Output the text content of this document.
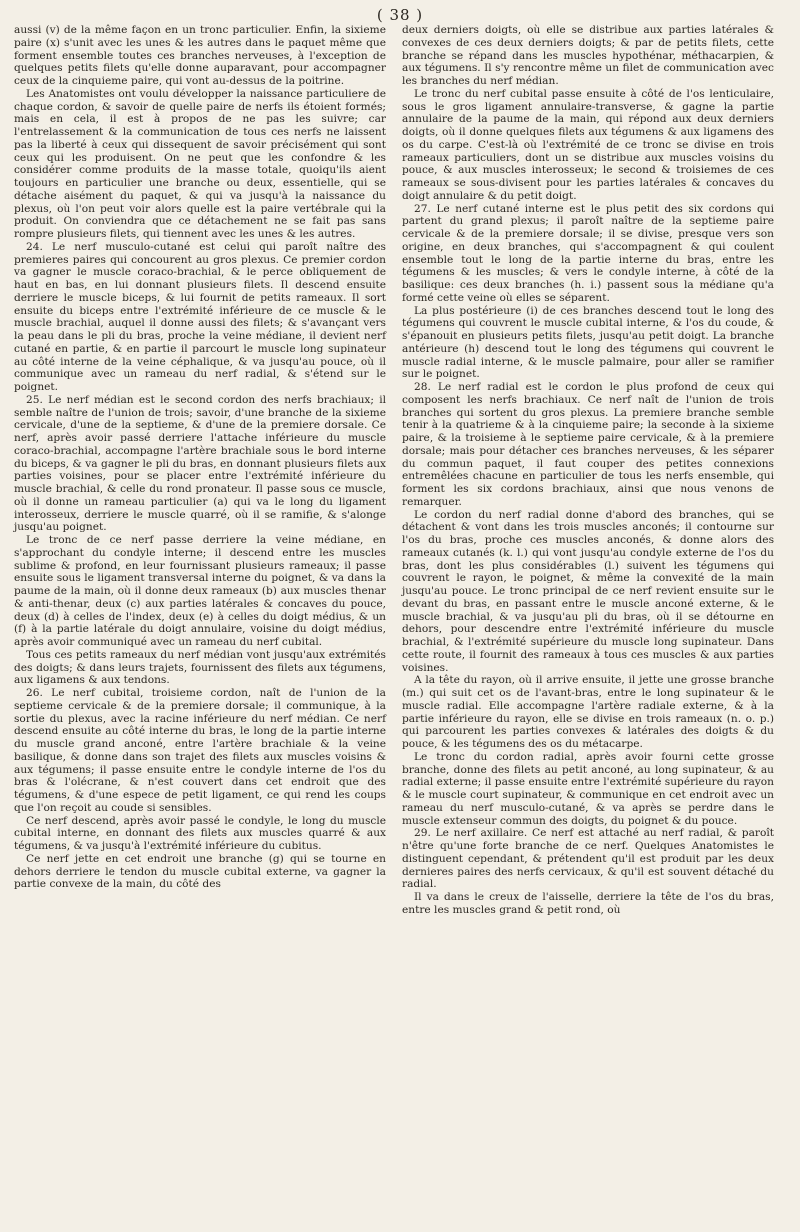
( 38 )

aussi (v) de la même façon en un tronc particulier. Enfin, la sixieme paire (x) s'unit avec les unes & les autres dans le paquet même que forment ensemble toutes ces branches nerveuses, à l'exception de quelques petits filets qu'elle donne auparavant, pour accompagner ceux de la cinquieme paire, qui vont au-dessus de la poitrine.

Les Anatomistes ont voulu développer la naissance particuliere de chaque cordon, & savoir de quelle paire de nerfs ils étoient formés; mais en cela, il est à propos de ne pas les suivre; car l'entrelassement & la communication de tous ces nerfs ne laissent pas la liberté à ceux qui dissequent de savoir précisément qui sont ceux qui les produisent. On ne peut que les confondre & les considérer comme produits de la masse totale, quoiqu'ils aient toujours en particulier une branche ou deux, essentielle, qui se détache aisément du paquet, & qui va jusqu'à la naissance du plexus, où l'on peut voir alors quelle est la paire vertébrale qui la produit. On conviendra que ce détachement ne se fait pas sans rompre plusieurs filets, qui tiennent avec les unes & les autres.

24. Le nerf musculo-cutané est celui qui paroît naître des premieres paires qui concourent au gros plexus. Ce premier cordon va gagner le muscle coraco-brachial, & le perce obliquement de haut en bas, en lui donnant plusieurs filets. Il descend ensuite derriere le muscle biceps, & lui fournit de petits rameaux. Il sort ensuite du biceps entre l'extrémité inférieure de ce muscle & le muscle brachial, auquel il donne aussi des filets; & s'avançant vers la peau dans le pli du bras, proche la veine médiane, il devient nerf cutané en partie, & en partie il parcourt le muscle long supinateur au côté interne de la veine céphalique, & va jusqu'au pouce, où il communique avec un rameau du nerf radial, & s'étend sur le poignet.

25. Le nerf médian est le second cordon des nerfs brachiaux; il semble naître de l'union de trois; savoir, d'une branche de la sixieme cervicale, d'une de la septieme, & d'une de la premiere dorsale. Ce nerf, après avoir passé derriere l'attache inférieure du muscle coraco-brachial, accompagne l'artère brachiale sous le bord interne du biceps, & va gagner le pli du bras, en donnant plusieurs filets aux parties voisines, pour se placer entre l'extrémité inférieure du muscle brachial, & celle du rond pronateur. Il passe sous ce muscle, où il donne un rameau particulier (a) qui va le long du ligament interosseux, derriere le muscle quarré, où il se ramifie, & s'alonge jusqu'au poignet.

Le tronc de ce nerf passe derriere la veine médiane, en s'approchant du condyle interne; il descend entre les muscles sublime & profond, en leur fournissant plusieurs rameaux; il passe ensuite sous le ligament transversal interne du poignet, & va dans la paume de la main, où il donne deux rameaux (b) aux muscles thenar & anti-thenar, deux (c) aux parties latérales & concaves du pouce, deux (d) à celles de l'index, deux (e) à celles du doigt médius, & un (f) à la partie latérale du doigt annulaire, voisine du doigt médius, après avoir communiqué avec un rameau du nerf cubital.

Tous ces petits rameaux du nerf médian vont jusqu'aux extrémités des doigts; & dans leurs trajets, fournissent des filets aux tégumens, aux ligamens & aux tendons.

26. Le nerf cubital, troisieme cordon, naît de l'union de la septieme cervicale & de la premiere dorsale; il communique, à la sortie du plexus, avec la racine inférieure du nerf médian. Ce nerf descend ensuite au côté interne du bras, le long de la partie interne du muscle grand anconé, entre l'artère brachiale & la veine basilique, & donne dans son trajet des filets aux muscles voisins & aux tégumens; il passe ensuite entre le condyle interne de l'os du bras & l'olécrane, & n'est couvert dans cet endroit que des tégumens, & d'une espece de petit ligament, ce qui rend les coups que l'on reçoit au coude si sensibles.

Ce nerf descend, après avoir passé le condyle, le long du muscle cubital interne, en donnant des filets aux muscles quarré & aux tégumens, & va jusqu'à l'extrémité inférieure du cubitus.

Ce nerf jette en cet endroit une branche (g) qui se tourne en dehors derriere le tendon du muscle cubital externe, va gagner la partie convexe de la main, du côté des

deux derniers doigts, où elle se distribue aux parties latérales & convexes de ces deux derniers doigts; & par de petits filets, cette branche se répand dans les muscles hypothénar, méthacarpien, & aux tégumens. Il s'y rencontre même un filet de communication avec les branches du nerf médian.

Le tronc du nerf cubital passe ensuite à côté de l'os lenticulaire, sous le gros ligament annulaire-transverse, & gagne la partie annulaire de la paume de la main, qui répond aux deux derniers doigts, où il donne quelques filets aux tégumens & aux ligamens des os du carpe. C'est-là où l'extrémité de ce tronc se divise en trois rameaux particuliers, dont un se distribue aux muscles voisins du pouce, & aux muscles interosseux; le second & troisiemes de ces rameaux se sous-divisent pour les parties latérales & concaves du doigt annulaire & du petit doigt.

27. Le nerf cutané interne est le plus petit des six cordons qui partent du grand plexus; il paroît naître de la septieme paire cervicale & de la premiere dorsale; il se divise, presque vers son origine, en deux branches, qui s'accompagnent & qui coulent ensemble tout le long de la partie interne du bras, entre les tégumens & les muscles; & vers le condyle interne, à côté de la basilique: ces deux branches (h. i.) passent sous la médiane qu'a formé cette veine où elles se séparent.

La plus postérieure (i) de ces branches descend tout le long des tégumens qui couvrent le muscle cubital interne, & l'os du coude, & s'épanouit en plusieurs petits filets, jusqu'au petit doigt. La branche antérieure (h) descend tout le long des tégumens qui couvrent le muscle radial interne, & le muscle palmaire, pour aller se ramifier sur le poignet.

28. Le nerf radial est le cordon le plus profond de ceux qui composent les nerfs brachiaux. Ce nerf naît de l'union de trois branches qui sortent du gros plexus. La premiere branche semble tenir à la quatrieme & à la cinquieme paire; la seconde à la sixieme paire, & la troisieme à le septieme paire cervicale, & à la premiere dorsale; mais pour détacher ces branches nerveuses, & les séparer du commun paquet, il faut couper des petites connexions entremêlées chacune en particulier de tous les nerfs ensemble, qui forment les six cordons brachiaux, ainsi que nous venons de remarquer.

Le cordon du nerf radial donne d'abord des branches, qui se détachent & vont dans les trois muscles anconés; il contourne sur l'os du bras, proche ces muscles anconés, & donne alors des rameaux cutanés (k. l.) qui vont jusqu'au condyle externe de l'os du bras, dont les plus considérables (l.) suivent les tégumens qui couvrent le rayon, le poignet, & même la convexité de la main jusqu'au pouce. Le tronc principal de ce nerf revient ensuite sur le devant du bras, en passant entre le muscle anconé externe, & le muscle brachial, & va jusqu'au pli du bras, où il se détourne en dehors, pour descendre entre l'extrémité inférieure du muscle brachial, & l'extrémité supérieure du muscle long supinateur. Dans cette route, il fournit des rameaux à tous ces muscles & aux parties voisines.

A la tête du rayon, où il arrive ensuite, il jette une grosse branche (m.) qui suit cet os de l'avant-bras, entre le long supinateur & le muscle radial. Elle accompagne l'artère radiale externe, & à la partie inférieure du rayon, elle se divise en trois rameaux (n. o. p.) qui parcourent les parties convexes & latérales des doigts & du pouce, & les tégumens des os du métacarpe.

Le tronc du cordon radial, après avoir fourni cette grosse branche, donne des filets au petit anconé, au long supinateur, & au radial externe; il passe ensuite entre l'extrémité supérieure du rayon & le muscle court supinateur, & communique en cet endroit avec un rameau du nerf musculo-cutané, & va après se perdre dans le muscle extenseur commun des doigts, du poignet & du pouce.

29. Le nerf axillaire. Ce nerf est attaché au nerf radial, & paroît n'être qu'une forte branche de ce nerf. Quelques Anatomistes le distinguent cependant, & prétendent qu'il est produit par les deux dernieres paires des nerfs cervicaux, & qu'il est souvent détaché du radial.

Il va dans le creux de l'aisselle, derriere la tête de l'os du bras, entre les muscles grand & petit rond, où
